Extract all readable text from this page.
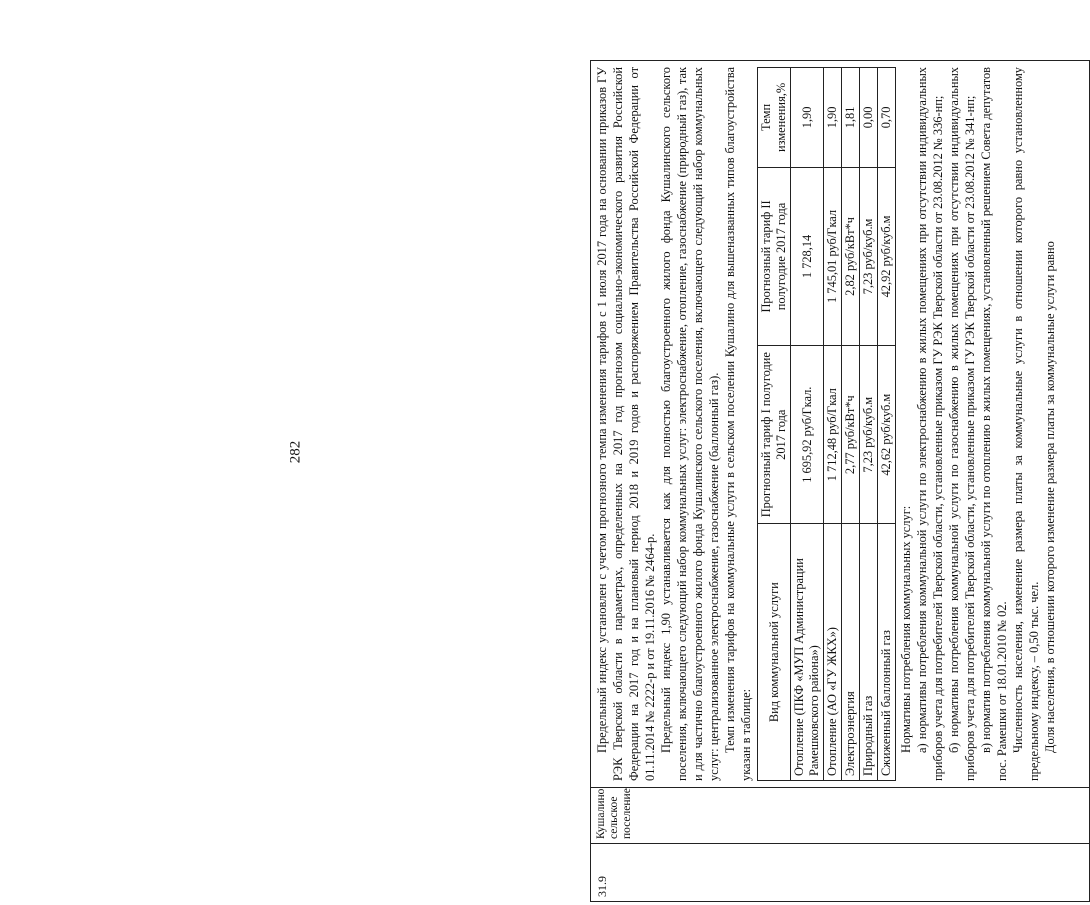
282
31.9
Кушалино сельское поселение

Предельный индекс установлен с учетом прогнозного темпа изменения тарифов с 1 июля 2017 года на основании приказов ГУ РЭК Тверской области в параметрах, определенных на 2017 год прогнозом социально-экономического развития Российской Федерации на 2017 год и на плановый период 2018 и 2019 годов и распоряжением Правительства Российской Федерации от 01.11.2014 № 2222-р и от 19.11.2016 № 2464-р. Предельный индекс 1,90 устанавливается как для полностью благоустроенного жилого фонда Кушалинского сельского поселения, включающего следующий набор коммунальных услуг: электроснабжение, отопление, газоснабжение (природный газ), так и для частично благоустроенного жилого фонда Кушалинского сельского поселения, включающего следующий набор коммунальных услуг: централизованное электроснабжение, газоснабжение (баллонный газ). Темп изменения тарифов на коммунальные услуги в сельском поселении Кушалино для вышеназванных типов благоустройства указан в таблице:

Вид коммунальной услуги	Прогнозный тариф I полугодие 2017 года	Прогнозный тариф II полугодие 2017 года	Темп изменения,%
Отопление (ПКФ «МУП Администрации Рамешковского района»)	1 695,92 руб/Гкал.	1 728,14	1,90
Отопление (АО «ГУ ЖКХ»)	1 712,48 руб/Гкал	1 745,01 руб/Гкал	1,90
Электроэнергия	2,77 руб/кВт*ч	2,82 руб/кВт*ч	1,81
Природный газ	7,23 руб/куб.м	7,23 руб/куб.м	0,00
Сжиженный баллонный газ	42,62 руб/куб.м	42,92 руб/куб.м	0,70

Нормативы потребления коммунальных услуг: а) нормативы потребления коммунальной услуги по электроснабжению в жилых помещениях при отсутствии индивидуальных приборов учета для потребителей Тверской области, установленные приказом ГУ РЭК Тверской области от 23.08.2012 № 336-нп; б) нормативы потребления коммунальной услуги по газоснабжению в жилых помещениях при отсутствии индивидуальных приборов учета для потребителей Тверской области, установленные приказом ГУ РЭК Тверской области от 23.08.2012 № 341-нп; в) норматив потребления коммунальной услуги по отоплению в жилых помещениях, установленный решением Совета депутатов пос. Рамешки от 18.01.2010 № 02. Численность населения, изменение размера платы за коммунальные услуги в отношении которого равно установленному предельному индексу, – 0,50 тыс. чел. Доля населения, в отношении которого изменение размера платы за коммунальные услуги равно
